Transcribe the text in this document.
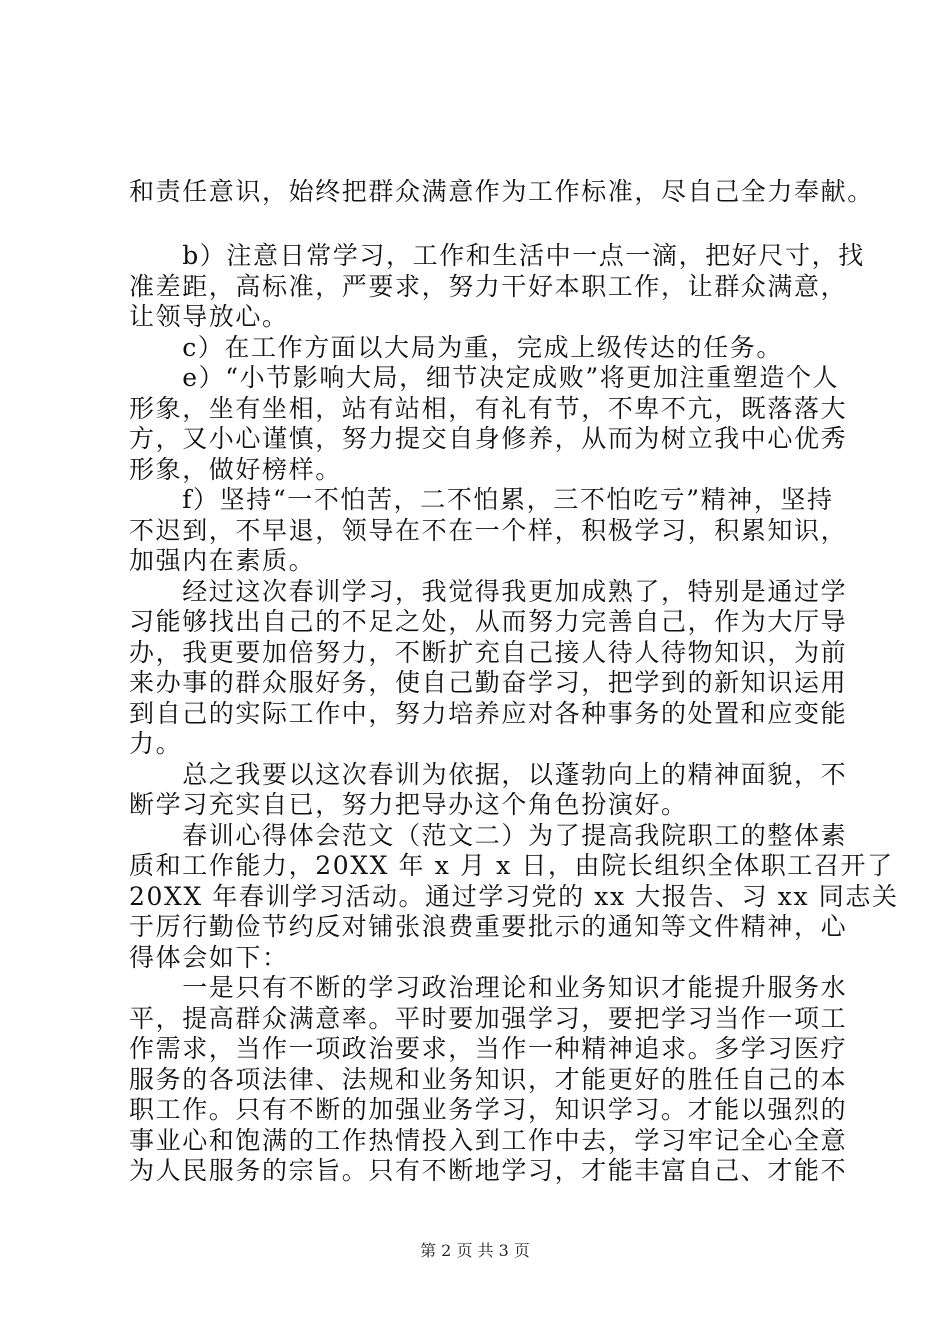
和责任意识，始终把群众满意作为工作标准，尽自己全力奉献。
　　b）注意日常学习，工作和生活中一点一滴，把好尺寸，找
准差距，高标准，严要求，努力干好本职工作，让群众满意，
让领导放心。
　　c）在工作方面以大局为重，完成上级传达的任务。
　　e）“小节影响大局，细节决定成败”将更加注重塑造个人
形象，坐有坐相，站有站相，有礼有节，不卑不亢，既落落大
方，又小心谨慎，努力提交自身修养，从而为树立我中心优秀
形象，做好榜样。
　　f）坚持“一不怕苦，二不怕累，三不怕吃亏”精神，坚持
不迟到，不早退，领导在不在一个样，积极学习，积累知识，
加强内在素质。
　　经过这次春训学习，我觉得我更加成熟了，特别是通过学
习能够找出自己的不足之处，从而努力完善自己，作为大厅导
办，我更要加倍努力，不断扩充自己接人待人待物知识，为前
来办事的群众服好务，使自己勤奋学习，把学到的新知识运用
到自己的实际工作中，努力培养应对各种事务的处置和应变能
力。
　　总之我要以这次春训为依据，以蓬勃向上的精神面貌，不
断学习充实自已，努力把导办这个角色扮演好。
　　春训心得体会范文（范文二）为了提高我院职工的整体素
质和工作能力，20XX 年 x 月 x 日，由院长组织全体职工召开了
20XX 年春训学习活动。通过学习党的 xx 大报告、习 xx 同志关
于厉行勤俭节约反对铺张浪费重要批示的通知等文件精神，心
得体会如下：
　　一是只有不断的学习政治理论和业务知识才能提升服务水
平，提高群众满意率。平时要加强学习，要把学习当作一项工
作需求，当作一项政治要求，当作一种精神追求。多学习医疗
服务的各项法律、法规和业务知识，才能更好的胜任自己的本
职工作。只有不断的加强业务学习，知识学习。才能以强烈的
事业心和饱满的工作热情投入到工作中去，学习牢记全心全意
为人民服务的宗旨。只有不断地学习，才能丰富自己、才能不
第 2 页 共 3 页
